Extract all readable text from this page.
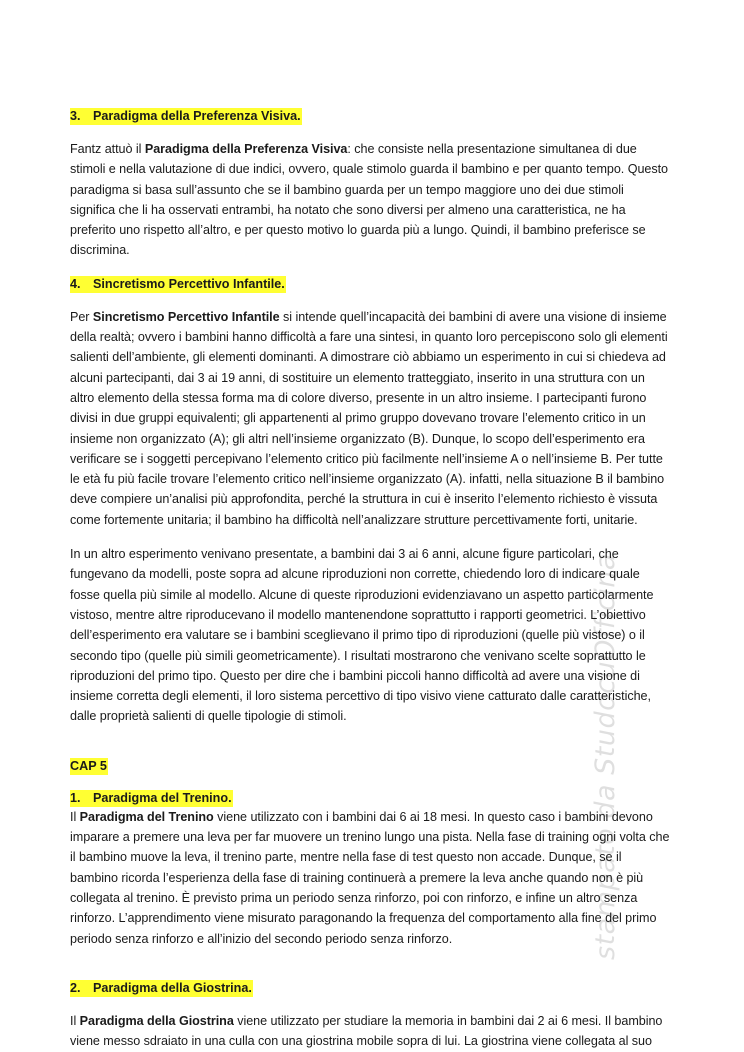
3. Paradigma della Preferenza Visiva.

Fantz attuò il Paradigma della Preferenza Visiva: che consiste nella presentazione simultanea di due stimoli e nella valutazione di due indici, ovvero, quale stimolo guarda il bambino e per quanto tempo. Questo paradigma si basa sull’assunto che se il bambino guarda per un tempo maggiore uno dei due stimoli significa che li ha osservati entrambi, ha notato che sono diversi per almeno una caratteristica, ne ha preferito uno rispetto all’altro, e per questo motivo lo guarda più a lungo. Quindi, il bambino preferisce se discrimina.

4. Sincretismo Percettivo Infantile.

Per Sincretismo Percettivo Infantile si intende quell’incapacità dei bambini di avere una visione di insieme della realtà; ovvero i bambini hanno difficoltà a fare una sintesi, in quanto loro percepiscono solo gli elementi salienti dell’ambiente, gli elementi dominanti. A dimostrare ciò abbiamo un esperimento in cui si chiedeva ad alcuni partecipanti, dai 3 ai 19 anni, di sostituire un elemento tratteggiato, inserito in una struttura con un altro elemento della stessa forma ma di colore diverso, presente in un altro insieme. I partecipanti furono divisi in due gruppi equivalenti; gli appartenenti al primo gruppo dovevano trovare l’elemento critico in un insieme non organizzato (A); gli altri nell’insieme organizzato (B). Dunque, lo scopo dell’esperimento era verificare se i soggetti percepivano l’elemento critico più facilmente nell’insieme A o nell’insieme B. Per tutte le età fu più facile trovare l’elemento critico nell’insieme organizzato (A). infatti, nella situazione B il bambino deve compiere un’analisi più approfondita, perché la struttura in cui è inserito l’elemento richiesto è vissuta come fortemente unitaria; il bambino ha difficoltà nell’analizzare strutture percettivamente forti, unitarie.

In un altro esperimento venivano presentate, a bambini dai 3 ai 6 anni, alcune figure particolari, che fungevano da modelli, poste sopra ad alcune riproduzioni non corrette, chiedendo loro di indicare quale fosse quella più simile al modello. Alcune di queste riproduzioni evidenziavano un aspetto particolarmente vistoso, mentre altre riproducevano il modello mantenendone soprattutto i rapporti geometrici. L’obiettivo dell’esperimento era valutare se i bambini sceglievano il primo tipo di riproduzioni (quelle più vistose) o il secondo tipo (quelle più simili geometricamente). I risultati mostrarono che venivano scelte soprattutto le riproduzioni del primo tipo. Questo per dire che i bambini piccoli hanno difficoltà ad avere una visione di insieme corretta degli elementi, il loro sistema percettivo di tipo visivo viene catturato dalle caratteristiche, dalle proprietà salienti di quelle tipologie di stimoli.

CAP 5
1. Paradigma del Trenino.

Il Paradigma del Trenino viene utilizzato con i bambini dai 6 ai 18 mesi. In questo caso i bambini devono imparare a premere una leva per far muovere un trenino lungo una pista. Nella fase di training ogni volta che il bambino muove la leva, il trenino parte, mentre nella fase di test questo non accade. Dunque, se il bambino ricorda l’esperienza della fase di training continuerà a premere la leva anche quando non è più collegata al trenino. È previsto prima un periodo senza rinforzo, poi con rinforzo, e infine un altro senza rinforzo. L’apprendimento viene misurato paragonando la frequenza del comportamento alla fine del primo periodo senza rinforzo e all’inizio del secondo periodo senza rinforzo.

2. Paradigma della Giostrina.

Il Paradigma della Giostrina viene utilizzato per studiare la memoria in bambini dai 2 ai 6 mesi. Il bambino viene messo sdraiato in una culla con una giostrina mobile sopra di lui. La giostrina viene collegata al suo

stampato da StudocuOfficina
